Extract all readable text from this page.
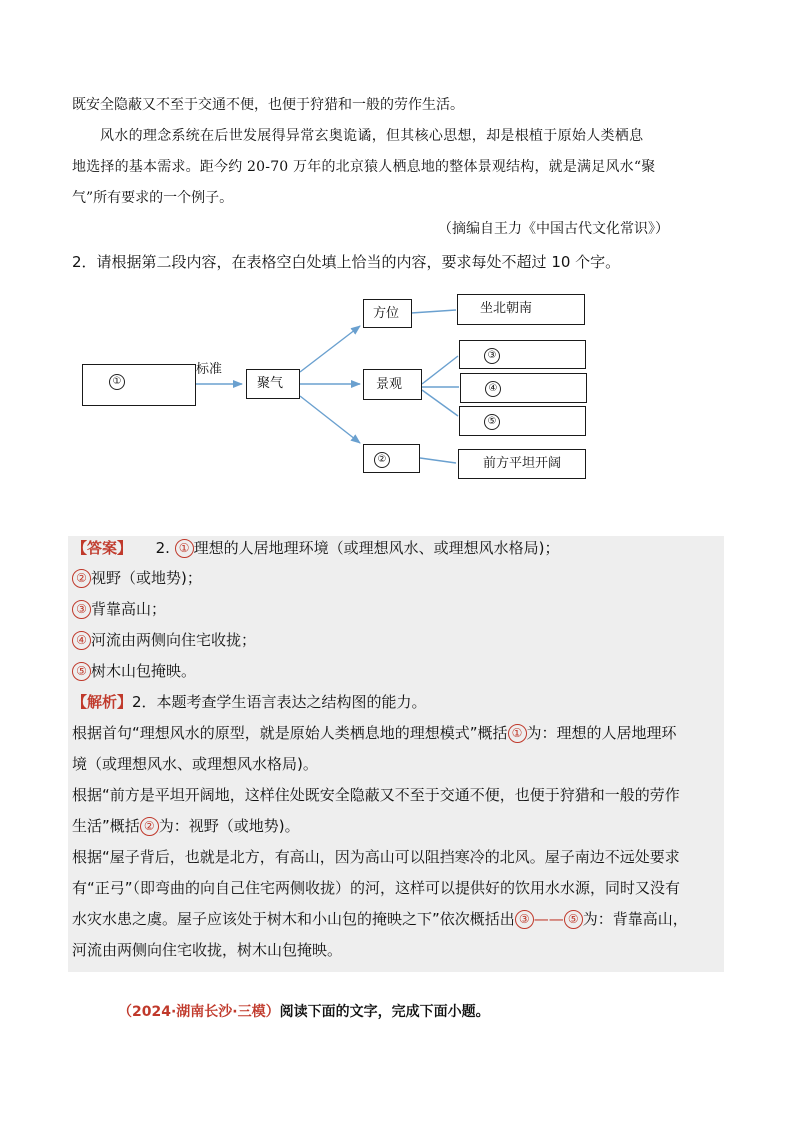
既安全隐蔽又不至于交通不便，也便于狩猎和一般的劳作生活。
风水的理念系统在后世发展得异常玄奥诡谲，但其核心思想，却是根植于原始人类栖息
地选择的基本需求。距今约 20-70 万年的北京猿人栖息地的整体景观结构，就是满足风水“聚
气”所有要求的一个例子。
（摘编自王力《中国古代文化常识》）
2．请根据第二段内容，在表格空白处填上恰当的内容，要求每处不超过 10 个字。
①
标准
聚气
方位	坐北朝南
景观
③
④
⑤
②	前方平坦开阔
【答案】 2. ① 理想的人居地理环境（或理想风水、或理想风水格局)；
② 视野（或地势)；
③ 背靠高山；
④ 河流由两侧向住宅收拢；
⑤ 树木山包掩映。
【解析】2．本题考查学生语言表达之结构图的能力。
根据首句“理想风水的原型，就是原始人类栖息地的理想模式”概括 ① 为：理想的人居地理环
境（或理想风水、或理想风水格局)。
根据“前方是平坦开阔地，这样住处既安全隐蔽又不至于交通不便，也便于狩猎和一般的劳作
生活”概括 ② 为：视野（或地势)。
根据“屋子背后，也就是北方，有高山，因为高山可以阻挡寒冷的北风。屋子南边不远处要求
有“正弓”（即弯曲的向自己住宅两侧收拢）的河，这样可以提供好的饮用水水源，同时又没有
水灾水患之虞。屋子应该处于树木和小山包的掩映之下”依次概括出 ③ —— ⑤ 为：背靠高山，
河流由两侧向住宅收拢，树木山包掩映。
（2024·湖南长沙·三模）阅读下面的文字，完成下面小题。
